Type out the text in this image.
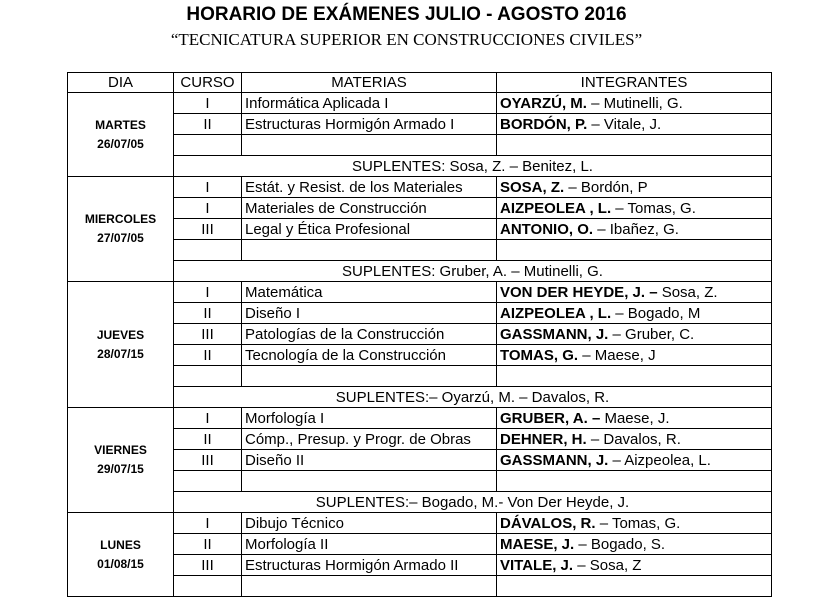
HORARIO DE EXÁMENES JULIO - AGOSTO 2016
“TECNICATURA SUPERIOR EN CONSTRUCCIONES CIVILES”
DIA	CURSO	MATERIAS	INTEGRANTES

MARTES
26/07/05	I	Informática Aplicada I	OYARZÚ, M. – Mutinelli, G.
	II	Estructuras Hormigón Armado I	BORDÓN, P. – Vitale, J.

	SUPLENTES: Sosa, Z. – Benitez, L.		

MIERCOLES
27/07/05	I	Estát. y Resist. de los Materiales	SOSA, Z. – Bordón, P
	I	Materiales de Construcción	AIZPEOLEA , L. – Tomas, G.
	III	Legal y Ética Profesional	ANTONIO, O. – Ibañez, G.

	SUPLENTES: Gruber, A. – Mutinelli, G.		

JUEVES
28/07/15	I	Matemática	VON DER HEYDE, J. – Sosa, Z.
	II	Diseño I	AIZPEOLEA , L. – Bogado, M
	III	Patologías de la Construcción	GASSMANN, J. – Gruber, C.
	II	Tecnología de la Construcción	TOMAS, G. – Maese, J

	SUPLENTES:– Oyarzú, M. – Davalos, R.		

VIERNES
29/07/15	I	Morfología I	GRUBER, A. – Maese, J.
	II	Cómp., Presup. y Progr. de Obras	DEHNER, H. – Davalos, R.
	III	Diseño II	GASSMANN, J. – Aizpeolea, L.

	SUPLENTES:– Bogado, M.- Von Der Heyde, J.		

LUNES
01/08/15	I	Dibujo Técnico	DÁVALOS, R. – Tomas, G.
	II	Morfología II	MAESE, J. – Bogado, S.
	III	Estructuras Hormigón Armado II	VITALE, J. – Sosa, Z
